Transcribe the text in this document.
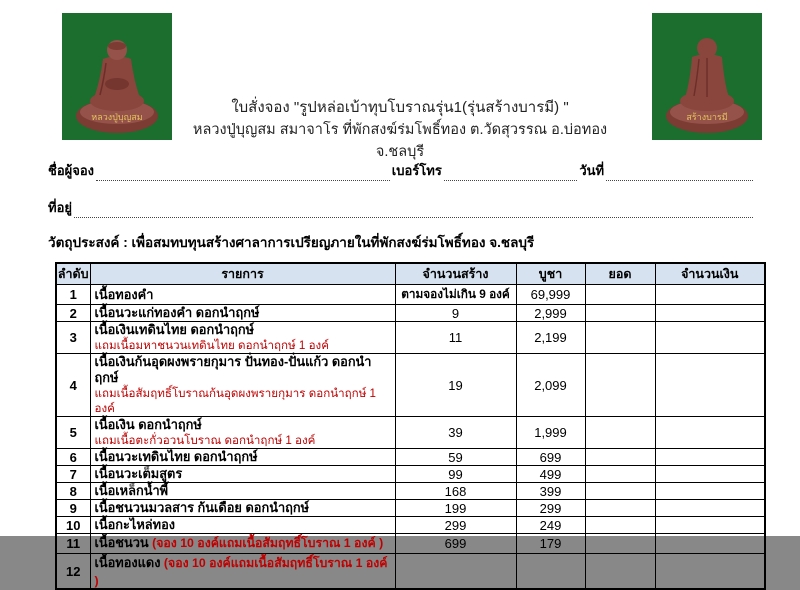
หลวงปู่บุญสม	สร้างบารมี
ใบสั่งจอง "รูปหล่อเบ้าทุบโบราณรุ่น1(รุ่นสร้างบารมี) "
หลวงปู่บุญสม สมาจาโร ที่พักสงฆ์ร่มโพธิ์ทอง ต.วัดสุวรรณ อ.บ่อทอง จ.ชลบุรี
ชื่อผู้จอง	เบอร์โทร	วันที่
ที่อยู่
วัตถุประสงค์ : เพื่อสมทบทุนสร้างศาลาการเปรียญภายในที่พักสงฆ์ร่มโพธิ์ทอง จ.ชลบุรี
ลำดับ	รายการ	จำนวนสร้าง	บูชา	ยอด	จำนวนเงิน
1	เนื้อทองคำ	ตามจองไม่เกิน 9 องค์	69,999		
2	เนื้อนวะแก่ทองคำ ดอกนำฤกษ์	9	2,999		
3	เนื้อเงินเทดินไทย ดอกนำฤกษ์
แถมเนื้อมหาชนวนเทดินไทย ดอกนำฤกษ์ 1 องค์	11	2,199		
4	เนื้อเงินก้นอุดผงพรายกุมาร ปั่นทอง-ปั่นแก้ว ดอกนำฤกษ์
แถมเนื้อสัมฤทธิ์โบราณก้นอุดผงพรายกุมาร ดอกนำฤกษ์ 1 องค์	19	2,099		
5	เนื้อเงิน ดอกนำฤกษ์
แถมเนื้อตะกั่วอวนโบราณ ดอกนำฤกษ์ 1 องค์	39	1,999		
6	เนื้อนวะเทดินไทย ดอกนำฤกษ์	59	699		
7	เนื้อนวะเต็มสูตร	99	499		
8	เนื้อเหล็กน้ำพี้	168	399		
9	เนื้อชนวนมวลสาร ก้นเดือย ดอกนำฤกษ์	199	299		
10	เนื้อกะไหล่ทอง	299	249		
11	เนื้อชนวน (จอง 10 องค์แถมเนื้อสัมฤทธิ์โบราณ 1 องค์ )	699	179		
12	เนื้อทองแดง (จอง 10 องค์แถมเนื้อสัมฤทธิ์โบราณ 1 องค์ )				
